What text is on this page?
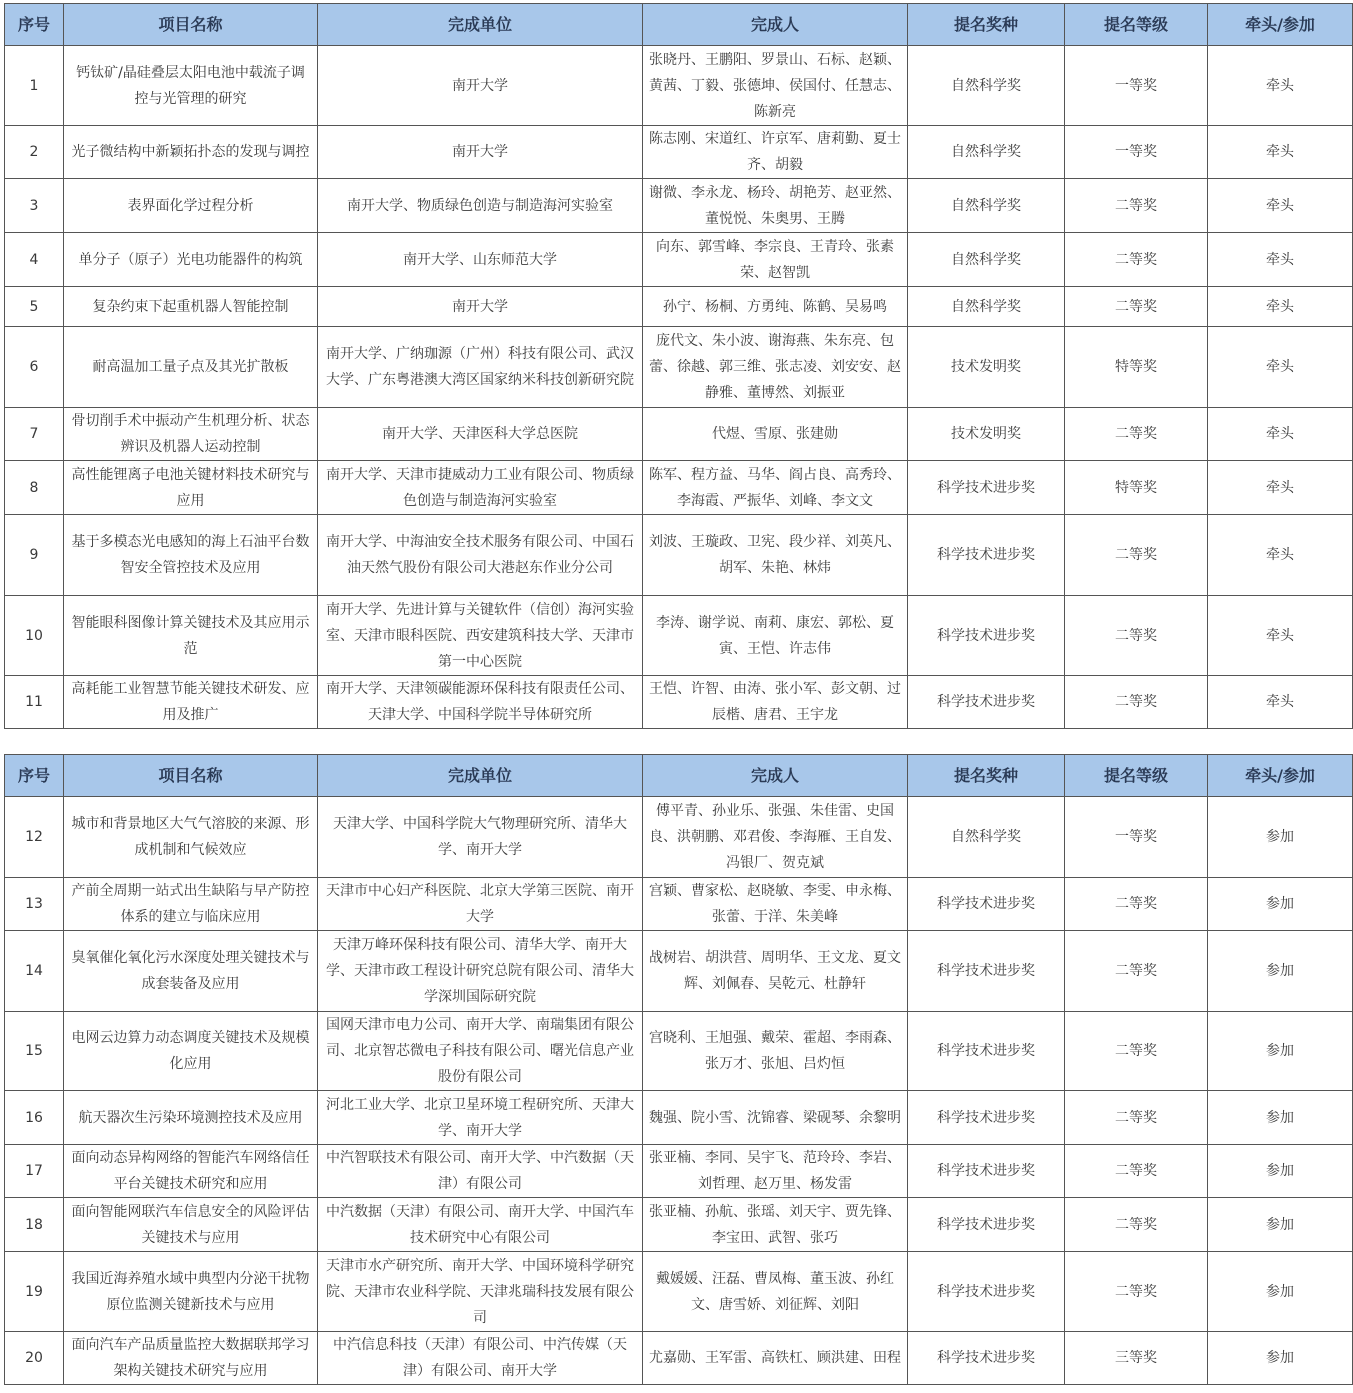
序号	项目名称	完成单位	完成人	提名奖种	提名等级	牵头/参加
1	钙钛矿/晶硅叠层太阳电池中载流子调控与光管理的研究	南开大学	张晓丹、王鹏阳、罗景山、石标、赵颖、黄茜、丁毅、张德坤、侯国付、任慧志、陈新亮	自然科学奖	一等奖	牵头
2	光子微结构中新颖拓扑态的发现与调控	南开大学	陈志刚、宋道红、许京军、唐莉勤、夏士齐、胡毅	自然科学奖	一等奖	牵头
3	表界面化学过程分析	南开大学、物质绿色创造与制造海河实验室	谢微、李永龙、杨玲、胡艳芳、赵亚然、董悦悦、朱奥男、王腾	自然科学奖	二等奖	牵头
4	单分子（原子）光电功能器件的构筑	南开大学、山东师范大学	向东、郭雪峰、李宗良、王青玲、张素荣、赵智凯	自然科学奖	二等奖	牵头
5	复杂约束下起重机器人智能控制	南开大学	孙宁、杨桐、方勇纯、陈鹤、吴易鸣	自然科学奖	二等奖	牵头
6	耐高温加工量子点及其光扩散板	南开大学、广纳珈源（广州）科技有限公司、武汉大学、广东粤港澳大湾区国家纳米科技创新研究院	庞代文、朱小波、谢海燕、朱东亮、包蕾、徐越、郭三维、张志凌、刘安安、赵静雅、董博然、刘振亚	技术发明奖	特等奖	牵头
7	骨切削手术中振动产生机理分析、状态辨识及机器人运动控制	南开大学、天津医科大学总医院	代煜、雪原、张建勋	技术发明奖	二等奖	牵头
8	高性能锂离子电池关键材料技术研究与应用	南开大学、天津市捷威动力工业有限公司、物质绿色创造与制造海河实验室	陈军、程方益、马华、阎占良、高秀玲、李海霞、严振华、刘峰、李文文	科学技术进步奖	特等奖	牵头
9	基于多模态光电感知的海上石油平台数智安全管控技术及应用	南开大学、中海油安全技术服务有限公司、中国石油天然气股份有限公司大港赵东作业分公司	刘波、王璇政、卫宪、段少祥、刘英凡、胡军、朱艳、林炜	科学技术进步奖	二等奖	牵头
10	智能眼科图像计算关键技术及其应用示范	南开大学、先进计算与关键软件（信创）海河实验室、天津市眼科医院、西安建筑科技大学、天津市第一中心医院	李涛、谢学说、南莉、康宏、郭松、夏寅、王恺、许志伟	科学技术进步奖	二等奖	牵头
11	高耗能工业智慧节能关键技术研发、应用及推广	南开大学、天津领碳能源环保科技有限责任公司、天津大学、中国科学院半导体研究所	王恺、许智、由涛、张小军、彭文朝、过辰楷、唐君、王宇龙	科学技术进步奖	二等奖	牵头
序号	项目名称	完成单位	完成人	提名奖种	提名等级	牵头/参加
12	城市和背景地区大气气溶胶的来源、形成机制和气候效应	天津大学、中国科学院大气物理研究所、清华大学、南开大学	傅平青、孙业乐、张强、朱佳雷、史国良、洪朝鹏、邓君俊、李海雁、王自发、冯银厂、贺克斌	自然科学奖	一等奖	参加
13	产前全周期一站式出生缺陷与早产防控体系的建立与临床应用	天津市中心妇产科医院、北京大学第三医院、南开大学	宫颖、曹家松、赵晓敏、李雯、申永梅、张蕾、于洋、朱美峰	科学技术进步奖	二等奖	参加
14	臭氧催化氧化污水深度处理关键技术与成套装备及应用	天津万峰环保科技有限公司、清华大学、南开大学、天津市政工程设计研究总院有限公司、清华大学深圳国际研究院	战树岩、胡洪营、周明华、王文龙、夏文辉、刘佩春、吴乾元、杜静轩	科学技术进步奖	二等奖	参加
15	电网云边算力动态调度关键技术及规模化应用	国网天津市电力公司、南开大学、南瑞集团有限公司、北京智芯微电子科技有限公司、曙光信息产业股份有限公司	宫晓利、王旭强、戴荣、霍超、李雨森、张万才、张旭、吕灼恒	科学技术进步奖	二等奖	参加
16	航天器次生污染环境测控技术及应用	河北工业大学、北京卫星环境工程研究所、天津大学、南开大学	魏强、院小雪、沈锦睿、梁砚琴、余黎明	科学技术进步奖	二等奖	参加
17	面向动态异构网络的智能汽车网络信任平台关键技术研究和应用	中汽智联技术有限公司、南开大学、中汽数据（天津）有限公司	张亚楠、李同、吴宇飞、范玲玲、李岩、刘哲理、赵万里、杨发雷	科学技术进步奖	二等奖	参加
18	面向智能网联汽车信息安全的风险评估关键技术与应用	中汽数据（天津）有限公司、南开大学、中国汽车技术研究中心有限公司	张亚楠、孙航、张瑶、刘天宇、贾先锋、李宝田、武智、张巧	科学技术进步奖	二等奖	参加
19	我国近海养殖水域中典型内分泌干扰物原位监测关键新技术与应用	天津市水产研究所、南开大学、中国环境科学研究院、天津市农业科学院、天津兆瑞科技发展有限公司	戴媛媛、汪磊、曹凤梅、董玉波、孙红文、唐雪娇、刘征辉、刘阳	科学技术进步奖	二等奖	参加
20	面向汽车产品质量监控大数据联邦学习架构关键技术研究与应用	中汽信息科技（天津）有限公司、中汽传媒（天津）有限公司、南开大学	尤嘉勋、王军雷、高铁杠、顾洪建、田程	科学技术进步奖	三等奖	参加
